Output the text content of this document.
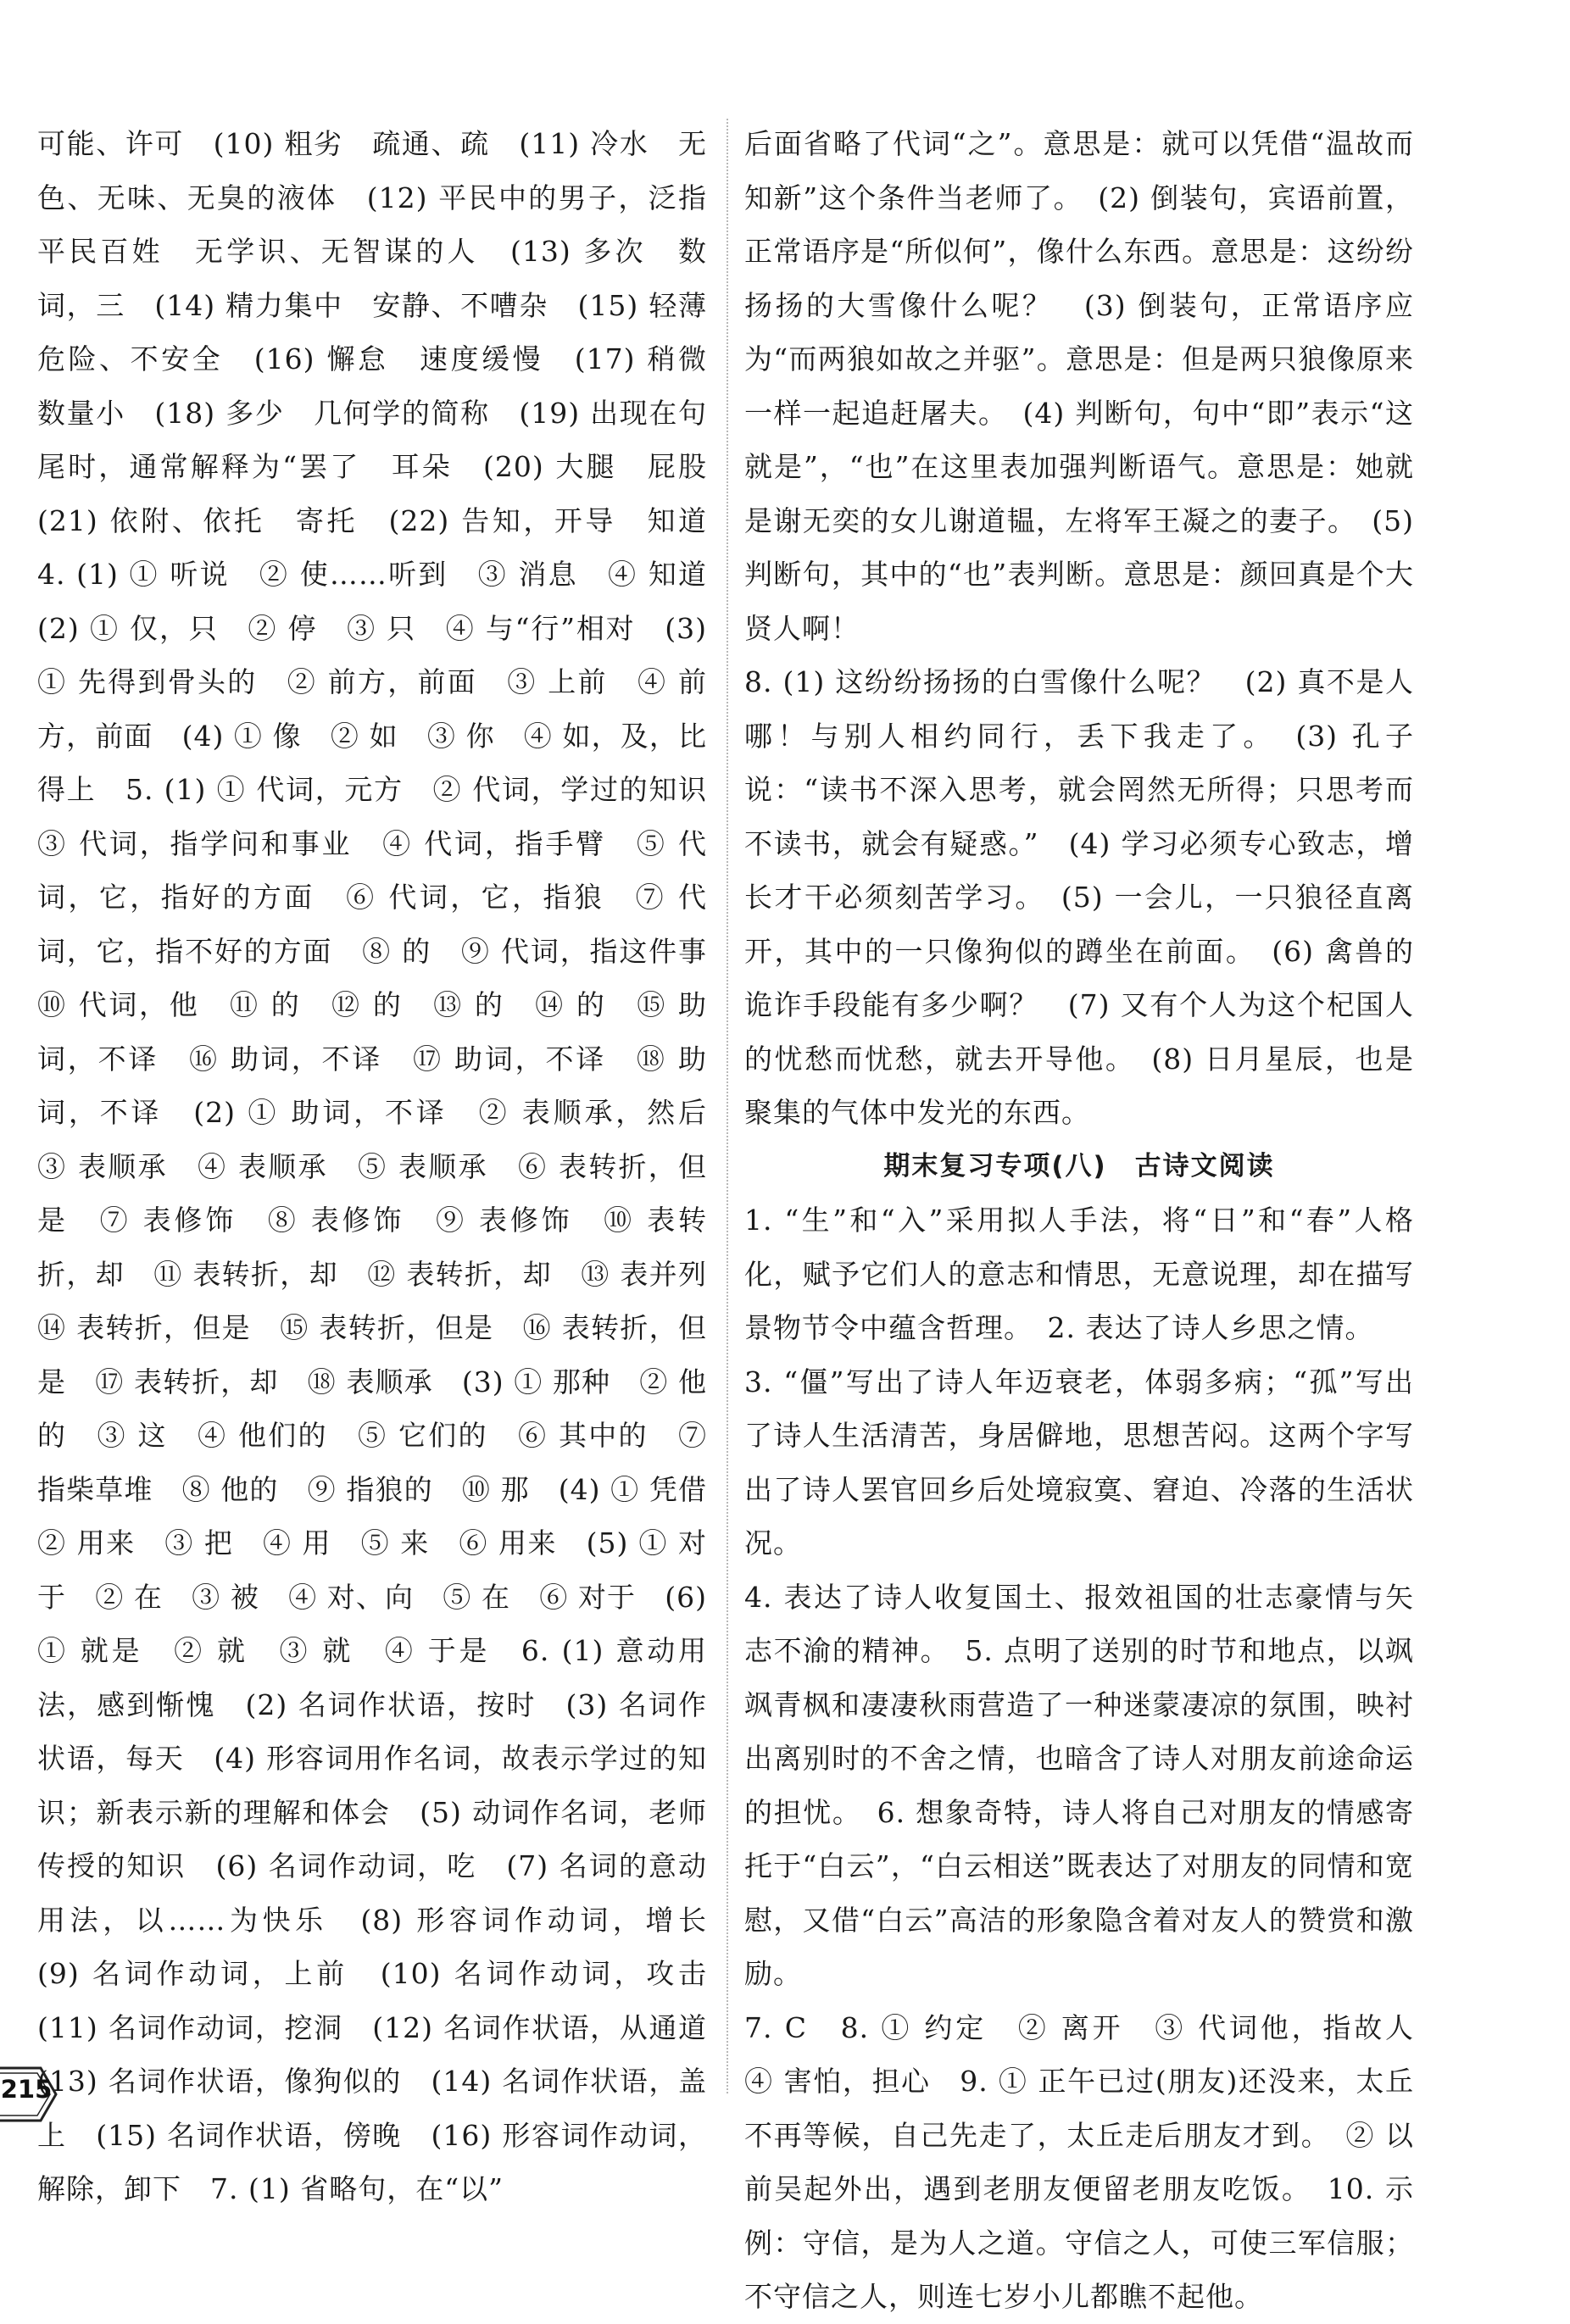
可能、许可　(10) 粗劣　疏通、疏　(11) 冷水　无色、无味、无臭的液体　(12) 平民中的男子，泛指平民百姓　无学识、无智谋的人　(13) 多次　数词，三　(14) 精力集中　安静、不嘈杂　(15) 轻薄　危险、不安全　(16) 懈怠　速度缓慢　(17) 稍微　数量小　(18) 多少　几何学的简称　(19) 出现在句尾时，通常解释为“罢了　耳朵　(20) 大腿　屁股　(21) 依附、依托　寄托　(22) 告知，开导　知道　4. (1) ① 听说　② 使……听到　③ 消息　④ 知道　(2) ① 仅，只　② 停　③ 只　④ 与“行”相对　(3) ① 先得到骨头的　② 前方，前面　③ 上前　④ 前方，前面　(4) ① 像　② 如　③ 你　④ 如，及，比得上　5. (1) ① 代词，元方　② 代词，学过的知识　③ 代词，指学问和事业　④ 代词，指手臂　⑤ 代词，它，指好的方面　⑥ 代词，它，指狼　⑦ 代词，它，指不好的方面　⑧ 的　⑨ 代词，指这件事　⑩ 代词，他　⑪ 的　⑫ 的　⑬ 的　⑭ 的　⑮ 助词，不译　⑯ 助词，不译　⑰ 助词，不译　⑱ 助词，不译　(2) ① 助词，不译　② 表顺承，然后　③ 表顺承　④ 表顺承　⑤ 表顺承　⑥ 表转折，但是　⑦ 表修饰　⑧ 表修饰　⑨ 表修饰　⑩ 表转折，却　⑪ 表转折，却　⑫ 表转折，却　⑬ 表并列　⑭ 表转折，但是　⑮ 表转折，但是　⑯ 表转折，但是　⑰ 表转折，却　⑱ 表顺承　(3) ① 那种　② 他的　③ 这　④ 他们的　⑤ 它们的　⑥ 其中的　⑦ 指柴草堆　⑧ 他的　⑨ 指狼的　⑩ 那　(4) ① 凭借　② 用来　③ 把　④ 用　⑤ 来　⑥ 用来　(5) ① 对于　② 在　③ 被　④ 对、向　⑤ 在　⑥ 对于　(6) ① 就是　② 就　③ 就　④ 于是　6. (1) 意动用法，感到惭愧　(2) 名词作状语，按时　(3) 名词作状语，每天　(4) 形容词用作名词，故表示学过的知识；新表示新的理解和体会　(5) 动词作名词，老师传授的知识　(6) 名词作动词，吃　(7) 名词的意动用法，以……为快乐　(8) 形容词作动词，增长　(9) 名词作动词，上前　(10) 名词作动词，攻击　(11) 名词作动词，挖洞　(12) 名词作状语，从通道　(13) 名词作状语，像狗似的　(14) 名词作状语，盖上　(15) 名词作状语，傍晚　(16) 形容词作动词，解除，卸下　7. (1) 省略句，在“以”

后面省略了代词“之”。意思是：就可以凭借“温故而知新”这个条件当老师了。　(2) 倒装句，宾语前置，正常语序是“所似何”，像什么东西。意思是：这纷纷扬扬的大雪像什么呢？　(3) 倒装句，正常语序应为“而两狼如故之并驱”。意思是：但是两只狼像原来一样一起追赶屠夫。　(4) 判断句，句中“即”表示“这就是”，“也”在这里表加强判断语气。意思是：她就是谢无奕的女儿谢道韫，左将军王凝之的妻子。　(5) 判断句，其中的“也”表判断。意思是：颜回真是个大贤人啊！

8. (1) 这纷纷扬扬的白雪像什么呢？　(2) 真不是人哪！与别人相约同行，丢下我走了。　(3) 孔子说：“读书不深入思考，就会罔然无所得；只思考而不读书，就会有疑惑。”　(4) 学习必须专心致志，增长才干必须刻苦学习。　(5) 一会儿，一只狼径直离开，其中的一只像狗似的蹲坐在前面。　(6) 禽兽的诡诈手段能有多少啊？　(7) 又有个人为这个杞国人的忧愁而忧愁，就去开导他。　(8) 日月星辰，也是聚集的气体中发光的东西。

期末复习专项(八)　古诗文阅读

1. “生”和“入”采用拟人手法，将“日”和“春”人格化，赋予它们人的意志和情思，无意说理，却在描写景物节令中蕴含哲理。　2. 表达了诗人乡思之情。

3. “僵”写出了诗人年迈衰老，体弱多病；“孤”写出了诗人生活清苦，身居僻地，思想苦闷。这两个字写出了诗人罢官回乡后处境寂寞、窘迫、冷落的生活状况。

4. 表达了诗人收复国土、报效祖国的壮志豪情与矢志不渝的精神。　5. 点明了送别的时节和地点，以飒飒青枫和凄凄秋雨营造了一种迷蒙凄凉的氛围，映衬出离别时的不舍之情，也暗含了诗人对朋友前途命运的担忧。　6. 想象奇特，诗人将自己对朋友的情感寄托于“白云”，“白云相送”既表达了对朋友的同情和宽慰，又借“白云”高洁的形象隐含着对友人的赞赏和激励。

7. C　8. ① 约定　② 离开　③ 代词他，指故人　④ 害怕，担心　9. ① 正午已过(朋友)还没来，太丘不再等候，自己先走了，太丘走后朋友才到。　② 以前吴起外出，遇到老朋友便留老朋友吃饭。　10. 示例：守信，是为人之道。守信之人，可使三军信服；不守信之人，则连七岁小儿都瞧不起他。

215
